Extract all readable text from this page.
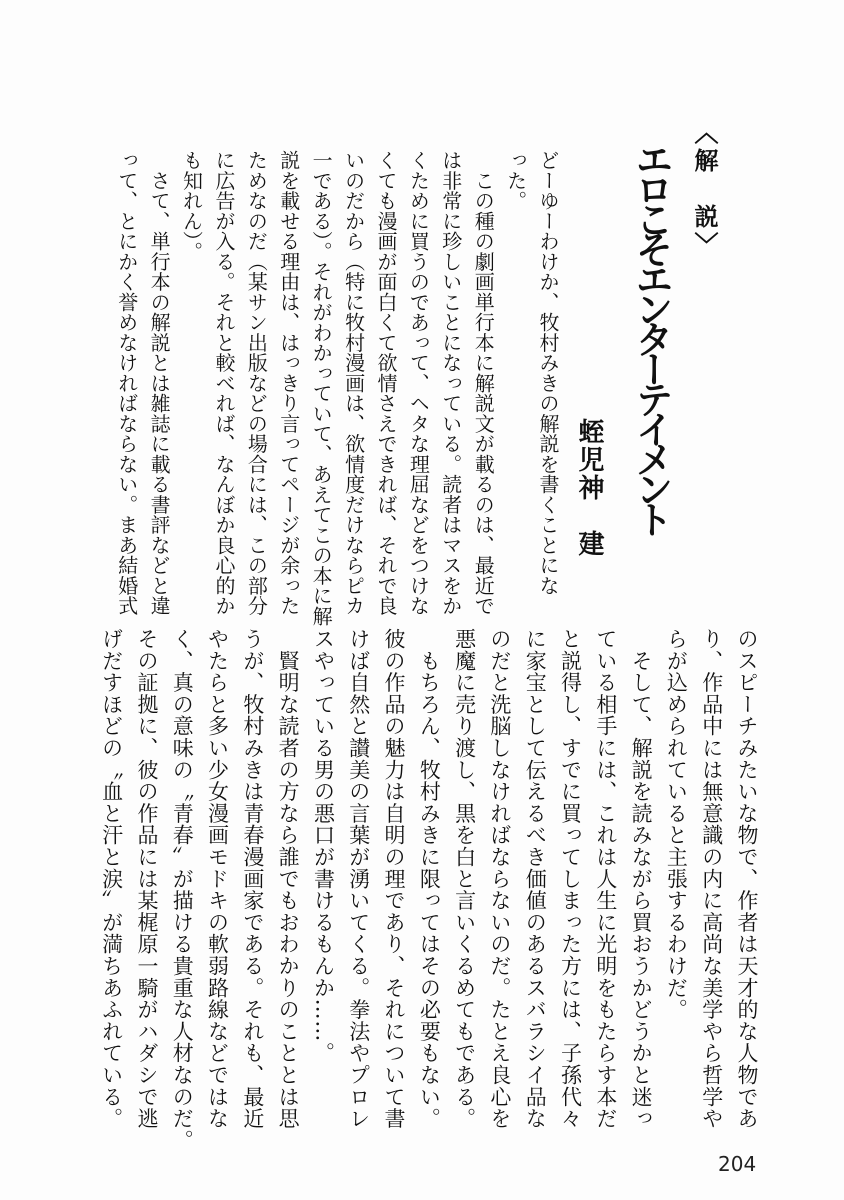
〈解　説〉
エロこそエンターテイメント
蛭児神　建
どーゆーわけか、牧村みきの解説を書くことにな
った。
　この種の劇画単行本に解説文が載るのは、最近で
は非常に珍しいことになっている。読者はマスをか
くために買うのであって、ヘタな理屈などをつけな
くても漫画が面白くて欲情さえできれば、それで良
いのだから（特に牧村漫画は、欲情度だけならピカ
一である）。それがわかっていて、あえてこの本に解
説を載せる理由は、はっきり言ってページが余った
ためなのだ（某サン出版などの場合には、この部分
に広告が入る。それと較べれば、なんぼか良心的か
も知れん）。
　さて、単行本の解説とは雑誌に載る書評などと違
って、とにかく誉めなければならない。まあ結婚式
のスピーチみたいな物で、作者は天才的な人物であ
り、作品中には無意識の内に高尚な美学やら哲学や
らが込められていると主張するわけだ。
　そして、解説を読みながら買おうかどうかと迷っ
ている相手には、これは人生に光明をもたらす本だ
と説得し、すでに買ってしまった方には、子孫代々
に家宝として伝えるべき価値のあるスバラシイ品な
のだと洗脳しなければならないのだ。たとえ良心を
悪魔に売り渡し、黒を白と言いくるめてもである。
　もちろん、牧村みきに限ってはその必要もない。
彼の作品の魅力は自明の理であり、それについて書
けば自然と讃美の言葉が湧いてくる。拳法やプロレ
スやっている男の悪口が書けるもんか……。
　賢明な読者の方なら誰でもおわかりのこととは思
うが、牧村みきは青春漫画家である。それも、最近
やたらと多い少女漫画モドキの軟弱路線などではな
く、真の意味の〝青春〟が描ける貴重な人材なのだ。
その証拠に、彼の作品には某梶原一騎がハダシで逃
げだすほどの〝血と汗と涙〟が満ちあふれている。
204
